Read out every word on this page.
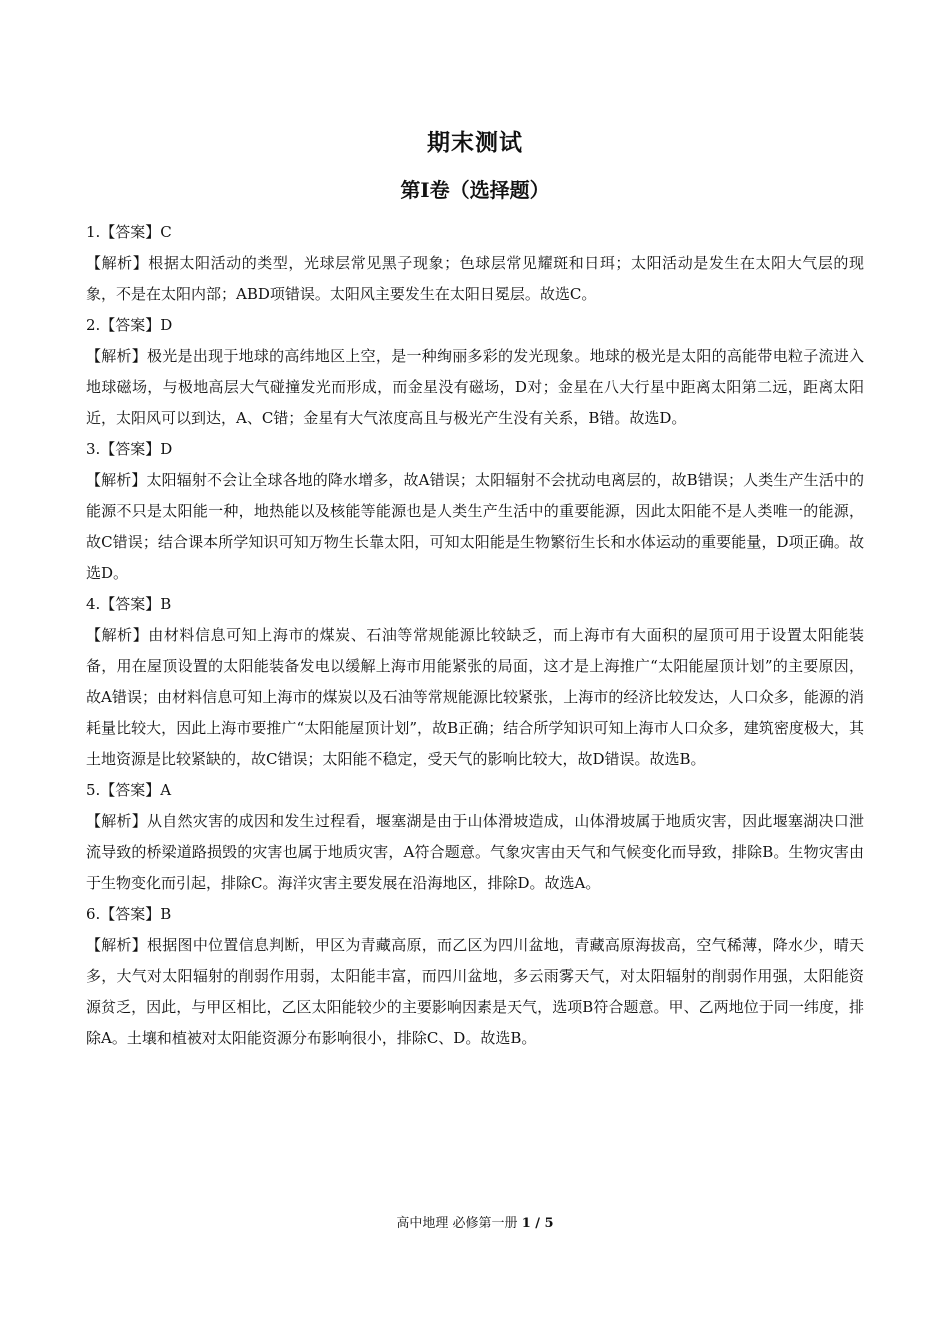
期末测试
第Ⅰ卷（选择题）

1.【答案】C

【解析】根据太阳活动的类型，光球层常见黑子现象；色球层常见耀斑和日珥；太阳活动是发生在太阳大气层的现象，不是在太阳内部；ABD项错误。太阳风主要发生在太阳日冕层。故选C。

2.【答案】D

【解析】极光是出现于地球的高纬地区上空，是一种绚丽多彩的发光现象。地球的极光是太阳的高能带电粒子流进入地球磁场，与极地高层大气碰撞发光而形成，而金星没有磁场，D对；金星在八大行星中距离太阳第二远，距离太阳近，太阳风可以到达，A、C错；金星有大气浓度高且与极光产生没有关系，B错。故选D。

3.【答案】D

【解析】太阳辐射不会让全球各地的降水增多，故A错误；太阳辐射不会扰动电离层的，故B错误；人类生产生活中的能源不只是太阳能一种，地热能以及核能等能源也是人类生产生活中的重要能源，因此太阳能不是人类唯一的能源，故C错误；结合课本所学知识可知万物生长靠太阳，可知太阳能是生物繁衍生长和水体运动的重要能量，D项正确。故选D。

4.【答案】B

【解析】由材料信息可知上海市的煤炭、石油等常规能源比较缺乏，而上海市有大面积的屋顶可用于设置太阳能装备，用在屋顶设置的太阳能装备发电以缓解上海市用能紧张的局面，这才是上海推广“太阳能屋顶计划”的主要原因，故A错误；由材料信息可知上海市的煤炭以及石油等常规能源比较紧张，上海市的经济比较发达，人口众多，能源的消耗量比较大，因此上海市要推广“太阳能屋顶计划”，故B正确；结合所学知识可知上海市人口众多，建筑密度极大，其土地资源是比较紧缺的，故C错误；太阳能不稳定，受天气的影响比较大，故D错误。故选B。

5.【答案】A

【解析】从自然灾害的成因和发生过程看，堰塞湖是由于山体滑坡造成，山体滑坡属于地质灾害，因此堰塞湖决口泄流导致的桥梁道路损毁的灾害也属于地质灾害，A符合题意。气象灾害由天气和气候变化而导致，排除B。生物灾害由于生物变化而引起，排除C。海洋灾害主要发展在沿海地区，排除D。故选A。

6.【答案】B

【解析】根据图中位置信息判断，甲区为青藏高原，而乙区为四川盆地，青藏高原海拔高，空气稀薄，降水少，晴天多，大气对太阳辐射的削弱作用弱，太阳能丰富，而四川盆地，多云雨雾天气，对太阳辐射的削弱作用强，太阳能资源贫乏，因此，与甲区相比，乙区太阳能较少的主要影响因素是天气，选项B符合题意。甲、乙两地位于同一纬度，排除A。土壤和植被对太阳能资源分布影响很小，排除C、D。故选B。

高中地理 必修第一册 1 / 5
